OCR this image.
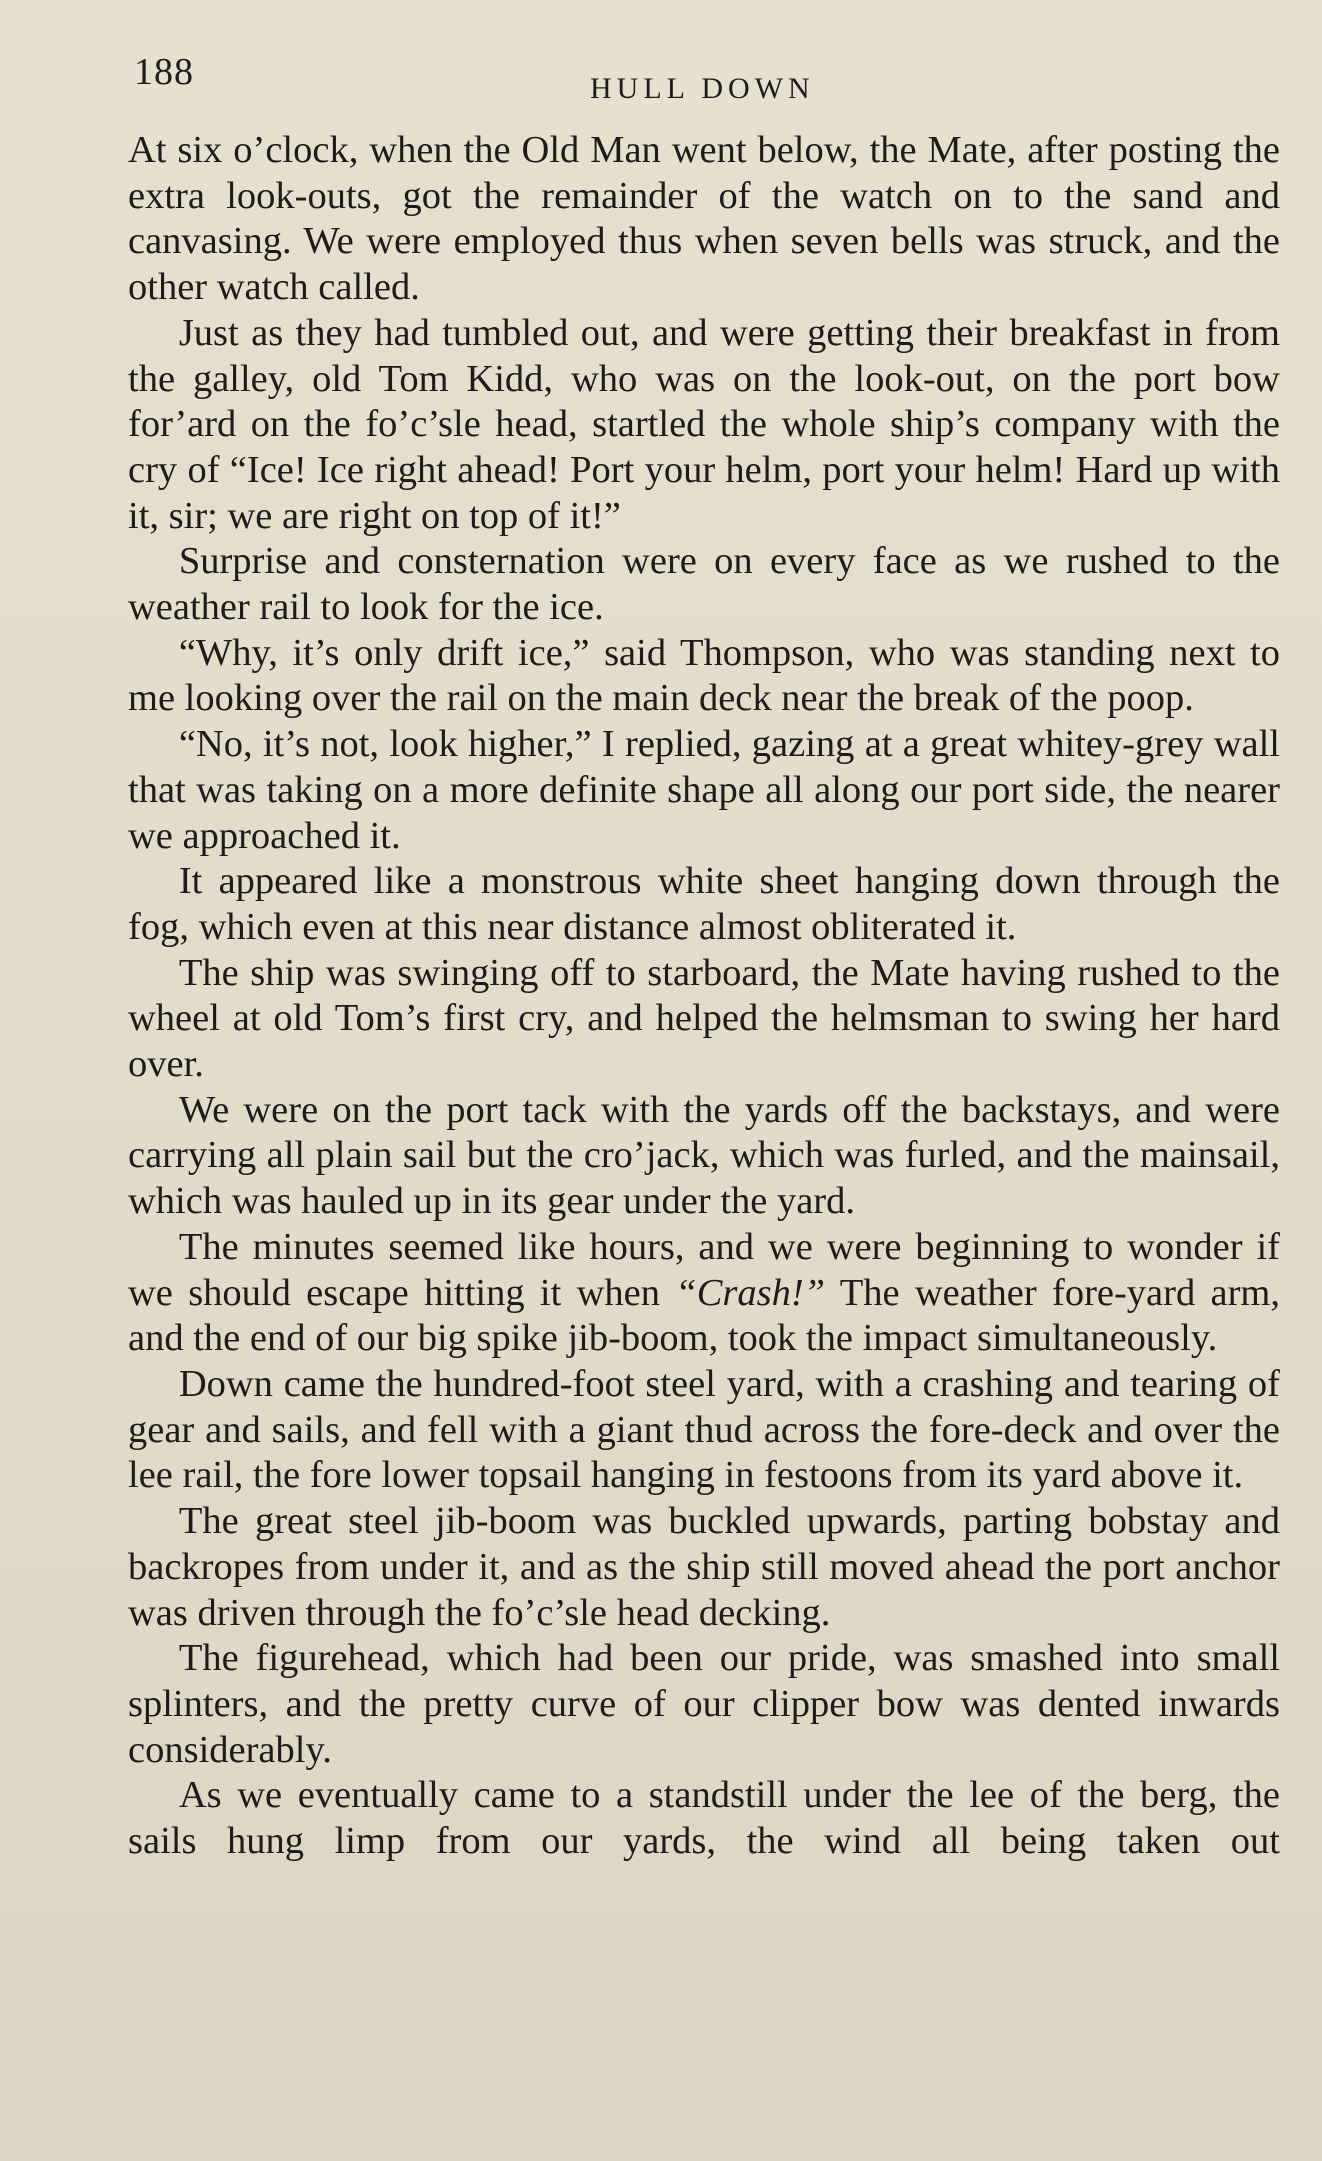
188	HULL DOWN

At six o’clock, when the Old Man went below, the Mate, after posting the extra look-outs, got the remainder of the watch on to the sand and canvasing. We were employed thus when seven bells was struck, and the other watch called.

Just as they had tumbled out, and were getting their breakfast in from the galley, old Tom Kidd, who was on the look-out, on the port bow for’ard on the fo’c’sle head, startled the whole ship’s company with the cry of “Ice! Ice right ahead! Port your helm, port your helm! Hard up with it, sir; we are right on top of it!”

Surprise and consternation were on every face as we rushed to the weather rail to look for the ice.

“Why, it’s only drift ice,” said Thompson, who was standing next to me looking over the rail on the main deck near the break of the poop.

“No, it’s not, look higher,” I replied, gazing at a great whitey-grey wall that was taking on a more definite shape all along our port side, the nearer we approached it.

It appeared like a monstrous white sheet hanging down through the fog, which even at this near distance almost obliterated it.

The ship was swinging off to starboard, the Mate having rushed to the wheel at old Tom’s first cry, and helped the helmsman to swing her hard over.

We were on the port tack with the yards off the backstays, and were carrying all plain sail but the cro’jack, which was furled, and the mainsail, which was hauled up in its gear under the yard.

The minutes seemed like hours, and we were beginning to wonder if we should escape hitting it when “Crash!” The weather fore-yard arm, and the end of our big spike jib-boom, took the impact simultaneously.

Down came the hundred-foot steel yard, with a crashing and tearing of gear and sails, and fell with a giant thud across the fore-deck and over the lee rail, the fore lower topsail hanging in festoons from its yard above it.

The great steel jib-boom was buckled upwards, parting bobstay and backropes from under it, and as the ship still moved ahead the port anchor was driven through the fo’c’sle head decking.

The figurehead, which had been our pride, was smashed into small splinters, and the pretty curve of our clipper bow was dented inwards considerably.

As we eventually came to a standstill under the lee of the berg, the sails hung limp from our yards, the wind all being taken out
